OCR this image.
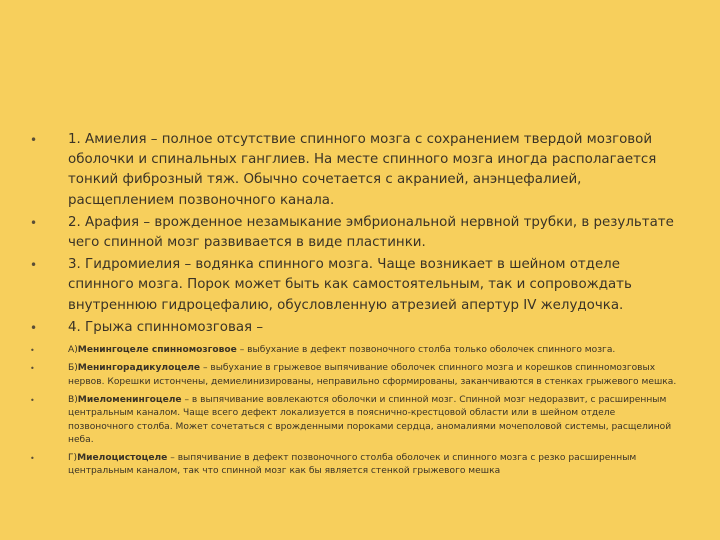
• 1. Амиелия – полное отсутствие спинного мозга с сохранением твердой мозговой оболочки и спинальных ганглиев. На месте спинного мозга иногда располагается тонкий фиброзный тяж. Обычно сочетается с акранией, анэнцефалией, расщеплением позвоночного канала.
• 2. Арафия – врожденное незамыкание эмбриональной нервной трубки, в результате чего спинной мозг развивается в виде пластинки.
• 3. Гидромиелия – водянка спинного мозга. Чаще возникает в шейном отделе спинного мозга. Порок может быть как самостоятельным, так и сопровождать внутреннюю гидроцефалию, обусловленную атрезией апертур IV желудочка.
• 4. Грыжа спинномозговая –
•	А)Менингоцеле спинномозговое – выбухание в дефект позвоночного столба только оболочек спинного мозга.
•	Б)Менингорадикулоцеле – выбухание в грыжевое выпячивание оболочек спинного мозга и корешков спинномозговых нервов. Корешки истончены, демиелинизированы, неправильно сформированы, заканчиваются в стенках грыжевого мешка.
•	В)Миеломенингоцеле – в выпячивание вовлекаются оболочки и спинной мозг. Спинной мозг недоразвит, с расширенным центральным каналом. Чаще всего дефект локализуется в пояснично-крестцовой области или в шейном отделе позвоночного столба. Может сочетаться с врожденными пороками сердца, аномалиями мочеполовой системы, расщелиной неба.
•	Г)Миелоцистоцеле – выпячивание в дефект позвоночного столба оболочек и спинного мозга с резко расширенным центральным каналом, так что спинной мозг как бы является стенкой грыжевого мешка
